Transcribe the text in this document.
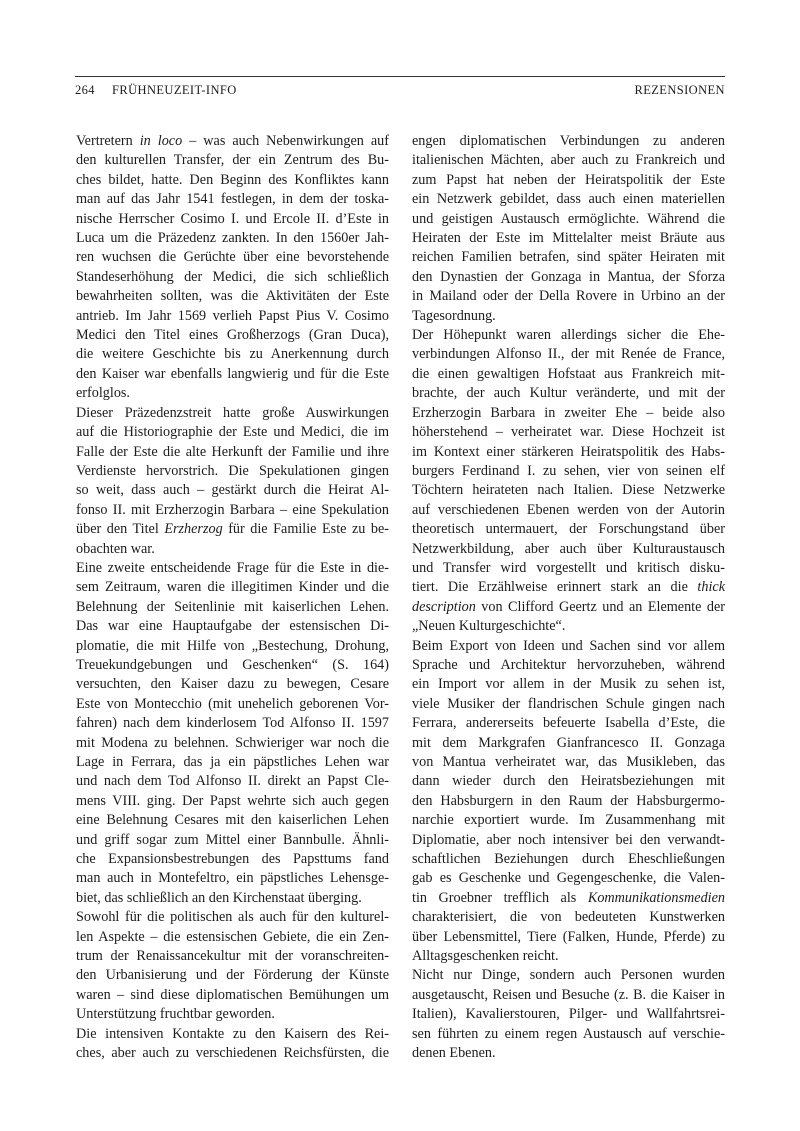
264 FRÜHNEUZEIT-INFO	REZENSIONEN

Vertretern in loco – was auch Nebenwirkungen auf
den kulturellen Transfer, der ein Zentrum des Bu-
ches bildet, hatte. Den Beginn des Konfliktes kann
man auf das Jahr 1541 festlegen, in dem der toska-
nische Herrscher Cosimo I. und Ercole II. d’Este in
Luca um die Präzedenz zankten. In den 1560er Jah-
ren wuchsen die Gerüchte über eine bevorstehende
Standeserhöhung der Medici, die sich schließlich
bewahrheiten sollten, was die Aktivitäten der Este
antrieb. Im Jahr 1569 verlieh Papst Pius V. Cosimo
Medici den Titel eines Großherzogs (Gran Duca),
die weitere Geschichte bis zu Anerkennung durch
den Kaiser war ebenfalls langwierig und für die Este
erfolglos.

Dieser Präzedenzstreit hatte große Auswirkungen
auf die Historiographie der Este und Medici, die im
Falle der Este die alte Herkunft der Familie und ihre
Verdienste hervorstrich. Die Spekulationen gingen
so weit, dass auch – gestärkt durch die Heirat Al-
fonso II. mit Erzherzogin Barbara – eine Spekulation
über den Titel Erzherzog für die Familie Este zu be-
obachten war.

Eine zweite entscheidende Frage für die Este in die-
sem Zeitraum, waren die illegitimen Kinder und die
Belehnung der Seitenlinie mit kaiserlichen Lehen.
Das war eine Hauptaufgabe der estensischen Di-
plomatie, die mit Hilfe von „Bestechung, Drohung,
Treuekundgebungen und Geschenken“ (S. 164)
versuchten, den Kaiser dazu zu bewegen, Cesare
Este von Montecchio (mit unehelich geborenen Vor-
fahren) nach dem kinderlosem Tod Alfonso II. 1597
mit Modena zu belehnen. Schwieriger war noch die
Lage in Ferrara, das ja ein päpstliches Lehen war
und nach dem Tod Alfonso II. direkt an Papst Cle-
mens VIII. ging. Der Papst wehrte sich auch gegen
eine Belehnung Cesares mit den kaiserlichen Lehen
und griff sogar zum Mittel einer Bannbulle. Ähnli-
che Expansionsbestrebungen des Papsttums fand
man auch in Montefeltro, ein päpstliches Lehensge-
biet, das schließlich an den Kirchenstaat überging.

Sowohl für die politischen als auch für den kulturel-
len Aspekte – die estensischen Gebiete, die ein Zen-
trum der Renaissancekultur mit der voranschreiten-
den Urbanisierung und der Förderung der Künste
waren – sind diese diplomatischen Bemühungen um
Unterstützung fruchtbar geworden.

Die intensiven Kontakte zu den Kaisern des Rei-
ches, aber auch zu verschiedenen Reichsfürsten, die

engen diplomatischen Verbindungen zu anderen
italienischen Mächten, aber auch zu Frankreich und
zum Papst hat neben der Heiratspolitik der Este
ein Netzwerk gebildet, dass auch einen materiellen
und geistigen Austausch ermöglichte. Während die
Heiraten der Este im Mittelalter meist Bräute aus
reichen Familien betrafen, sind später Heiraten mit
den Dynastien der Gonzaga in Mantua, der Sforza
in Mailand oder der Della Rovere in Urbino an der
Tagesordnung.

Der Höhepunkt waren allerdings sicher die Ehe-
verbindungen Alfonso II., der mit Renée de France,
die einen gewaltigen Hofstaat aus Frankreich mit-
brachte, der auch Kultur veränderte, und mit der
Erzherzogin Barbara in zweiter Ehe – beide also
höherstehend – verheiratet war. Diese Hochzeit ist
im Kontext einer stärkeren Heiratspolitik des Habs-
burgers Ferdinand I. zu sehen, vier von seinen elf
Töchtern heirateten nach Italien. Diese Netzwerke
auf verschiedenen Ebenen werden von der Autorin
theoretisch untermauert, der Forschungstand über
Netzwerkbildung, aber auch über Kulturaustausch
und Transfer wird vorgestellt und kritisch disku-
tiert. Die Erzählweise erinnert stark an die thick
description von Clifford Geertz und an Elemente der
„Neuen Kulturgeschichte“.

Beim Export von Ideen und Sachen sind vor allem
Sprache und Architektur hervorzuheben, während
ein Import vor allem in der Musik zu sehen ist,
viele Musiker der flandrischen Schule gingen nach
Ferrara, andererseits befeuerte Isabella d’Este, die
mit dem Markgrafen Gianfrancesco II. Gonzaga
von Mantua verheiratet war, das Musikleben, das
dann wieder durch den Heiratsbeziehungen mit
den Habsburgern in den Raum der Habsburgermo-
narchie exportiert wurde. Im Zusammenhang mit
Diplomatie, aber noch intensiver bei den verwandt-
schaftlichen Beziehungen durch Eheschließungen
gab es Geschenke und Gegengeschenke, die Valen-
tin Groebner trefflich als Kommunikationsmedien
charakterisiert, die von bedeuteten Kunstwerken
über Lebensmittel, Tiere (Falken, Hunde, Pferde) zu
Alltagsgeschenken reicht.

Nicht nur Dinge, sondern auch Personen wurden
ausgetauscht, Reisen und Besuche (z. B. die Kaiser in
Italien), Kavalierstouren, Pilger- und Wallfahrtsrei-
sen führten zu einem regen Austausch auf verschie-
denen Ebenen.
